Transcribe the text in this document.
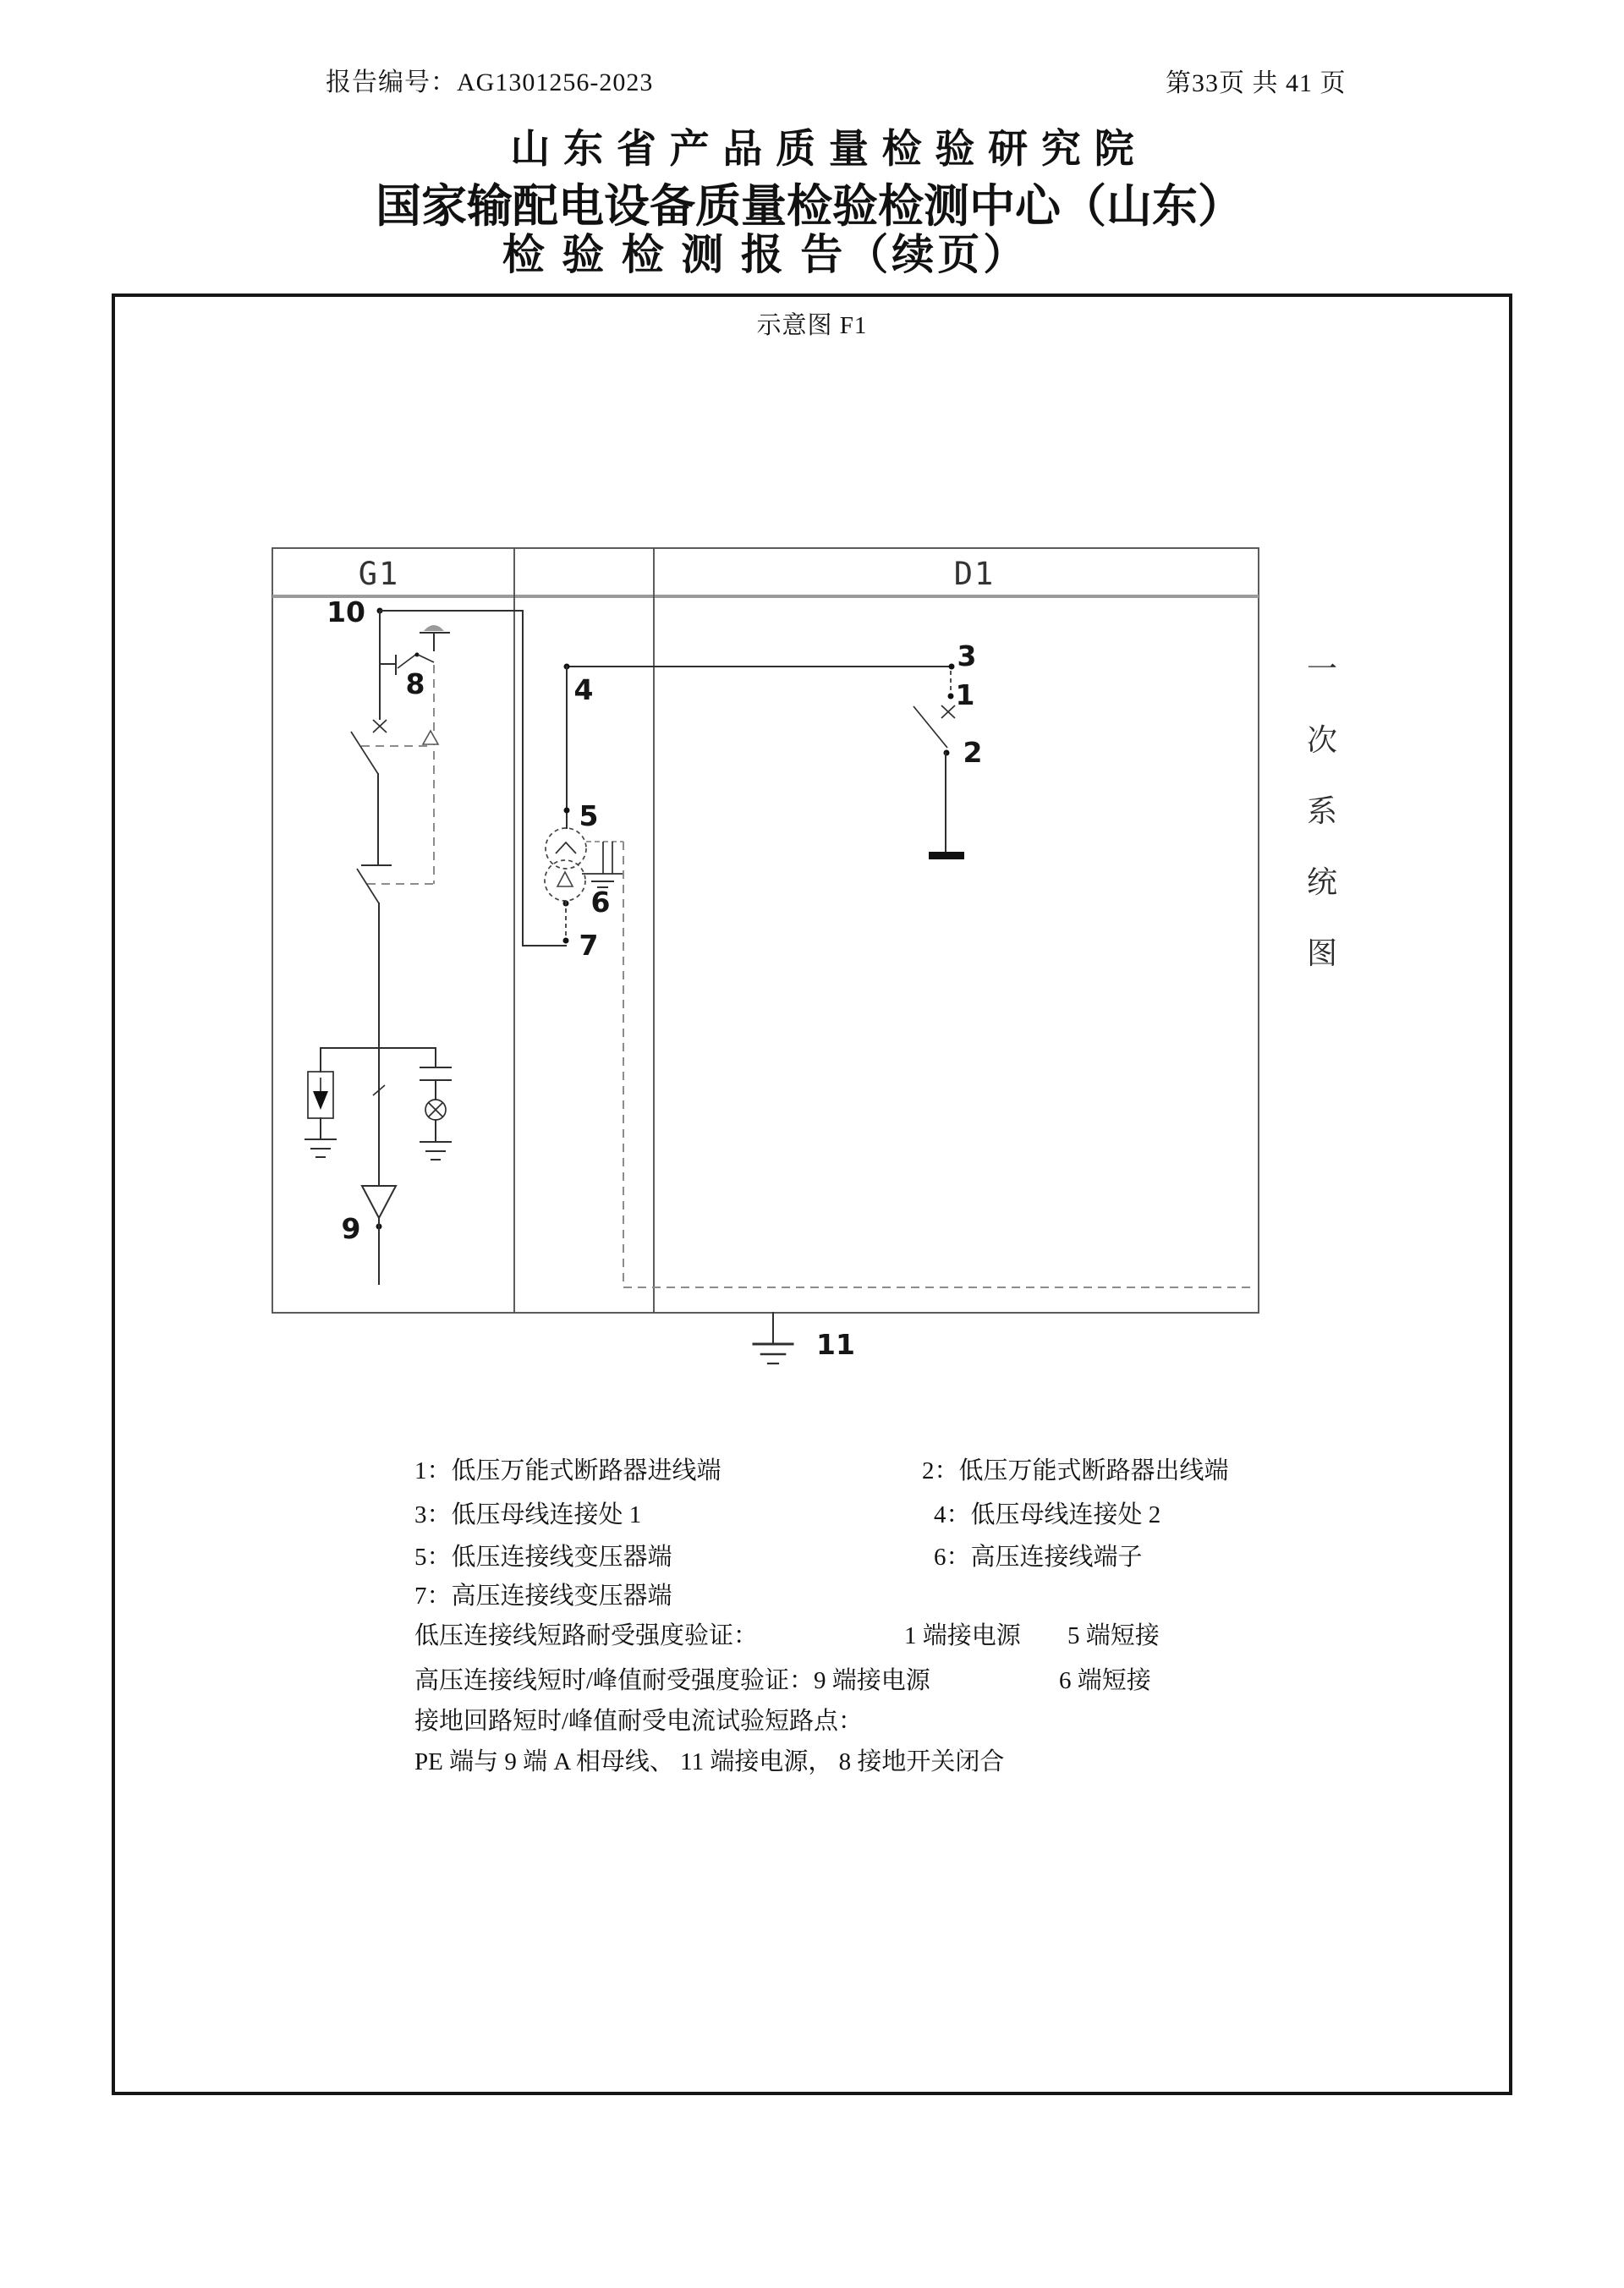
报告编号：AG1301256-2023	第33页 共 41 页
山 东 省 产 品 质 量 检 验 研 究 院
国家输配电设备质量检验检测中心（山东）
检 验 检 测 报 告（续页）
示意图 F1
G1	D1
10
8	4
5
6
7
3
1
2
9
11
一
次
系
统
图
1：低压万能式断路器进线端	2：低压万能式断路器出线端
3：低压母线连接处 1	4：低压母线连接处 2
5：低压连接线变压器端	6：高压连接线端子
7：高压连接线变压器端
低压连接线短路耐受强度验证：	1 端接电源 5 端短接
高压连接线短时/峰值耐受强度验证：9 端接电源	6 端短接
接地回路短时/峰值耐受电流试验短路点：
PE 端与 9 端 A 相母线、 11 端接电源， 8 接地开关闭合
